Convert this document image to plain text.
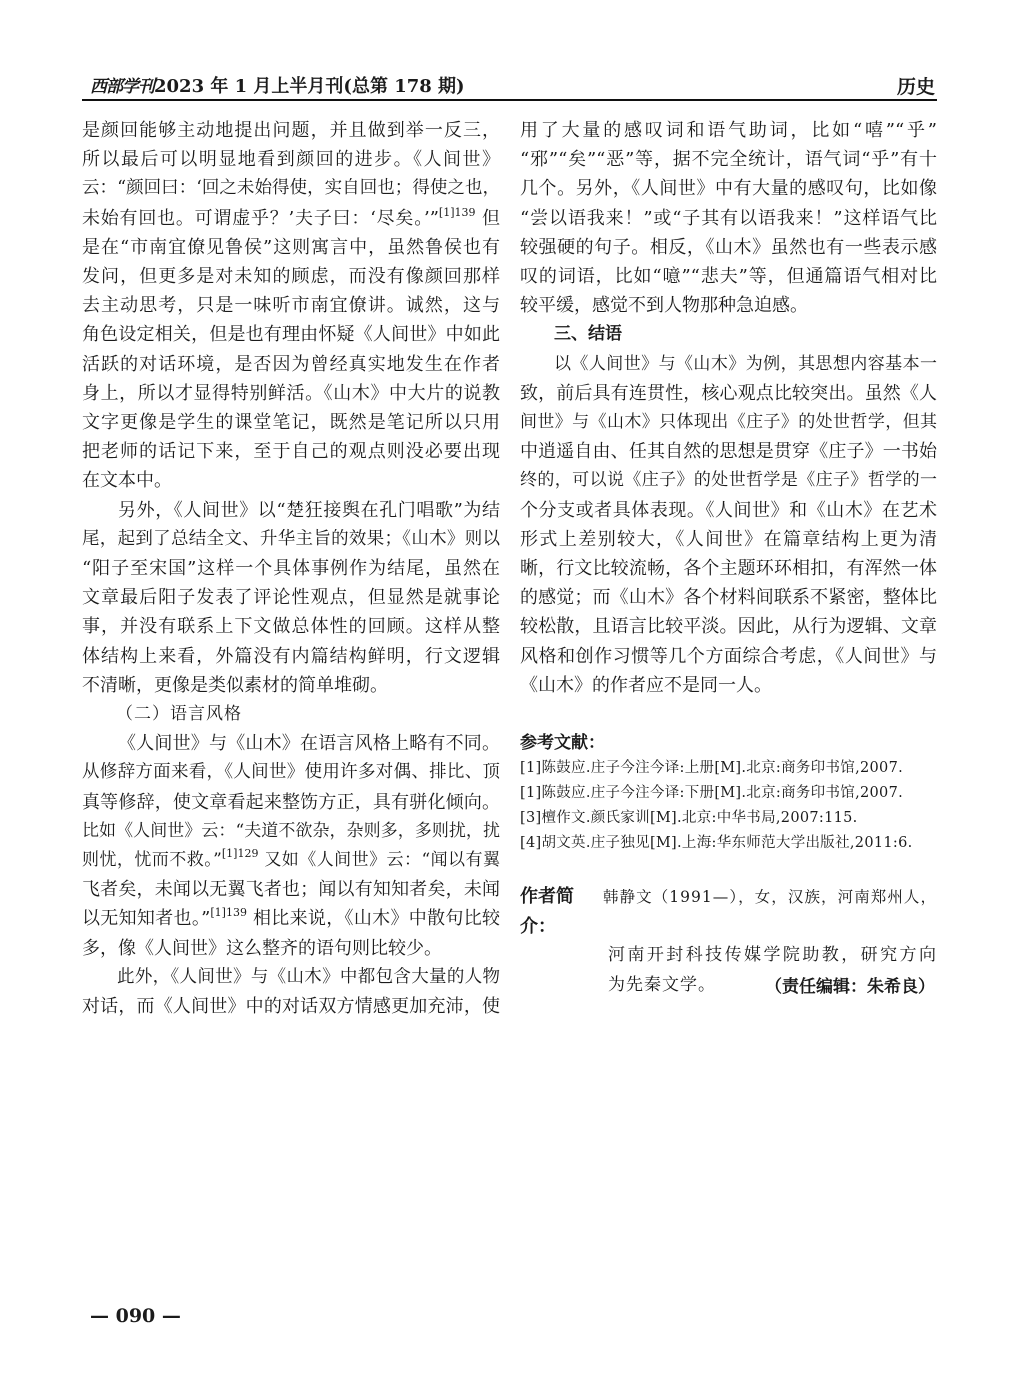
西部学刊 2023 年 1 月上半月刊(总第 178 期)	历史
是颜回能够主动地提出问题，并且做到举一反三，
所以最后可以明显地看到颜回的进步。《人间世》
云：“颜回曰：‘回之未始得使，实自回也；得使之也，
未始有回也。可谓虚乎？’夫子曰：‘尽矣。’”$^{[1]139}$ 但
是在“市南宜僚见鲁侯”这则寓言中，虽然鲁侯也有
发问，但更多是对未知的顾虑，而没有像颜回那样
去主动思考，只是一味听市南宜僚讲。诚然，这与
角色设定相关，但是也有理由怀疑《人间世》中如此
活跃的对话环境，是否因为曾经真实地发生在作者
身上，所以才显得特别鲜活。《山木》中大片的说教
文字更像是学生的课堂笔记，既然是笔记所以只用
把老师的话记下来，至于自己的观点则没必要出现
在文本中。
另外，《人间世》以“楚狂接舆在孔门唱歌”为结
尾，起到了总结全文、升华主旨的效果；《山木》则以
“阳子至宋国”这样一个具体事例作为结尾，虽然在
文章最后阳子发表了评论性观点，但显然是就事论
事，并没有联系上下文做总体性的回顾。这样从整
体结构上来看，外篇没有内篇结构鲜明，行文逻辑
不清晰，更像是类似素材的简单堆砌。
（二）语言风格
《人间世》与《山木》在语言风格上略有不同。
从修辞方面来看，《人间世》使用许多对偶、排比、顶
真等修辞，使文章看起来整饬方正，具有骈化倾向。
比如《人间世》云：“夫道不欲杂，杂则多，多则扰，扰
则忧，忧而不救。”$^{[1]129}$ 又如《人间世》云：“闻以有翼
飞者矣，未闻以无翼飞者也；闻以有知知者矣，未闻
以无知知者也。”$^{[1]139}$ 相比来说，《山木》中散句比较
多，像《人间世》这么整齐的语句则比较少。
此外，《人间世》与《山木》中都包含大量的人物
对话，而《人间世》中的对话双方情感更加充沛，使
用了大量的感叹词和语气助词，比如“嘻”“乎”
“邪”“矣”“恶”等，据不完全统计，语气词“乎”有十
几个。另外，《人间世》中有大量的感叹句，比如像
“尝以语我来！”或“子其有以语我来！”这样语气比
较强硬的句子。相反，《山木》虽然也有一些表示感
叹的词语，比如“噫”“悲夫”等，但通篇语气相对比
较平缓，感觉不到人物那种急迫感。
三、结语
以《人间世》与《山木》为例，其思想内容基本一
致，前后具有连贯性，核心观点比较突出。虽然《人
间世》与《山木》只体现出《庄子》的处世哲学，但其
中逍遥自由、任其自然的思想是贯穿《庄子》一书始
终的，可以说《庄子》的处世哲学是《庄子》哲学的一
个分支或者具体表现。《人间世》和《山木》在艺术
形式上差别较大，《人间世》在篇章结构上更为清
晰，行文比较流畅，各个主题环环相扣，有浑然一体
的感觉；而《山木》各个材料间联系不紧密，整体比
较松散，且语言比较平淡。因此，从行为逻辑、文章
风格和创作习惯等几个方面综合考虑，《人间世》与
《山木》的作者应不是同一人。
参考文献：
[1]陈鼓应.庄子今注今译:上册[M].北京:商务印书馆,2007.
[1]陈鼓应.庄子今注今译:下册[M].北京:商务印书馆,2007.
[3]檀作文.颜氏家训[M].北京:中华书局,2007:115.
[4]胡文英.庄子独见[M].上海:华东师范大学出版社,2011:6.
作者简介：
韩静文（1991—），女，汉族，河南郑州人，
河南开封科技传媒学院助教，研究方向
为先秦文学。	（责任编辑：朱希良）
— 090 —
